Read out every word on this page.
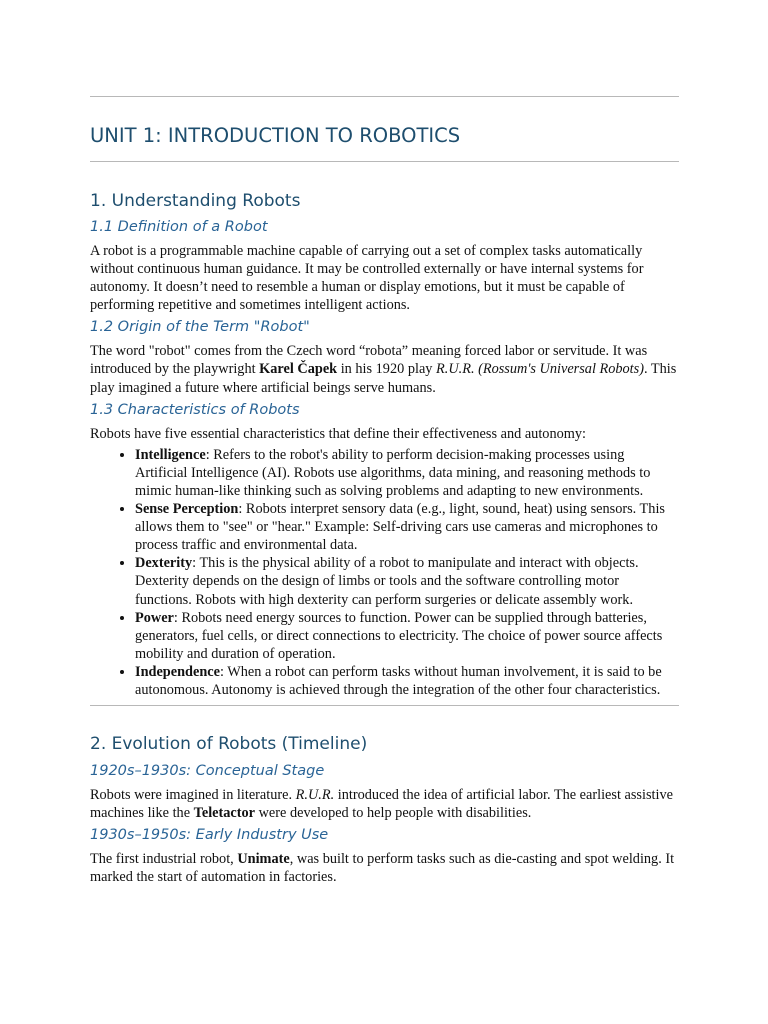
UNIT 1: INTRODUCTION TO ROBOTICS
1. Understanding Robots
1.1 Definition of a Robot

A robot is a programmable machine capable of carrying out a set of complex tasks automatically without continuous human guidance. It may be controlled externally or have internal systems for autonomy. It doesn’t need to resemble a human or display emotions, but it must be capable of performing repetitive and sometimes intelligent actions.

1.2 Origin of the Term "Robot"

The word "robot" comes from the Czech word “robota” meaning forced labor or servitude. It was introduced by the playwright Karel Čapek in his 1920 play R.U.R. (Rossum's Universal Robots). This play imagined a future where artificial beings serve humans.

1.3 Characteristics of Robots

Robots have five essential characteristics that define their effectiveness and autonomy:

• Intelligence: Refers to the robot's ability to perform decision-making processes using Artificial Intelligence (AI). Robots use algorithms, data mining, and reasoning methods to mimic human-like thinking such as solving problems and adapting to new environments.
• Sense Perception: Robots interpret sensory data (e.g., light, sound, heat) using sensors. This allows them to "see" or "hear." Example: Self-driving cars use cameras and microphones to process traffic and environmental data.
• Dexterity: This is the physical ability of a robot to manipulate and interact with objects. Dexterity depends on the design of limbs or tools and the software controlling motor functions. Robots with high dexterity can perform surgeries or delicate assembly work.
• Power: Robots need energy sources to function. Power can be supplied through batteries, generators, fuel cells, or direct connections to electricity. The choice of power source affects mobility and duration of operation.
• Independence: When a robot can perform tasks without human involvement, it is said to be autonomous. Autonomy is achieved through the integration of the other four characteristics.
2. Evolution of Robots (Timeline)
1920s–1930s: Conceptual Stage

Robots were imagined in literature. R.U.R. introduced the idea of artificial labor. The earliest assistive machines like the Teletactor were developed to help people with disabilities.

1930s–1950s: Early Industry Use

The first industrial robot, Unimate, was built to perform tasks such as die-casting and spot welding. It marked the start of automation in factories.
